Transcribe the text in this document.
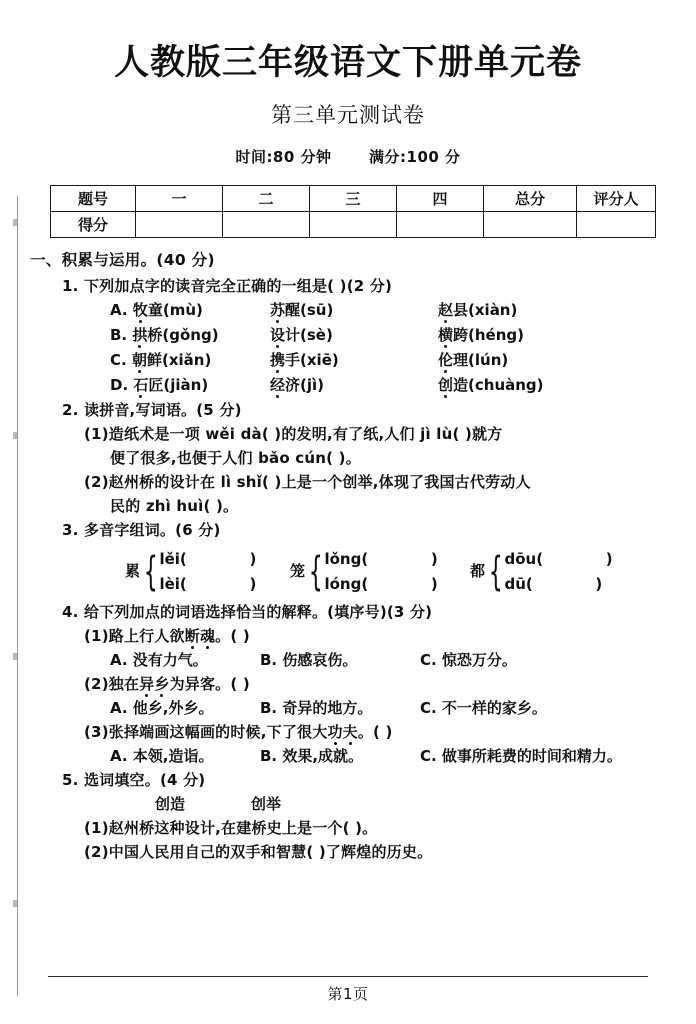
人教版三年级语文下册单元卷
第三单元测试卷

时间:80 分钟 满分:100 分

题号	一	二	三	四	总分	评分人
得分						

一、积累与运用。(40 分)

1. 下列加点字的读音完全正确的一组是( )(2 分)

A. 牧童(mù)	苏醒(sū)	赵县(xiàn)
B. 拱桥(gǒng)	设计(sè)	横跨(héng)
C. 朝鲜(xiǎn)	携手(xiē)	伦理(lún)
D. 石匠(jiàn)	经济(jì)	创造(chuàng)

2. 读拼音,写词语。(5 分)

(1)造纸术是一项 wěi dà( )的发明,有了纸,人们 jì lù( )就方

便了很多,也便于人们 bǎo cún( )。

(2)赵州桥的设计在 lì shǐ( )上是一个创举,体现了我国古代劳动人

民的 zhì huì( )。

3. 多音字组词。(6 分)

累 { lěi(            )
lèi(            )
笼 { lǒng(            )
lóng(            )
都 { dōu(            )
dū(            )

4. 给下列加点的词语选择恰当的解释。(填序号)(3 分)

(1)路上行人欲断魂。( )

A. 没有力气。	B. 伤感哀伤。	C. 惊恐万分。

(2)独在异乡为异客。( )

A. 他乡,外乡。	B. 奇异的地方。	C. 不一样的家乡。

(3)张择端画这幅画的时候,下了很大功夫。( )

A. 本领,造诣。	B. 效果,成就。	C. 做事所耗费的时间和精力。

5. 选词填空。(4 分)

创造	创举

(1)赵州桥这种设计,在建桥史上是一个( )。

(2)中国人民用自己的双手和智慧( )了辉煌的历史。

第1页
